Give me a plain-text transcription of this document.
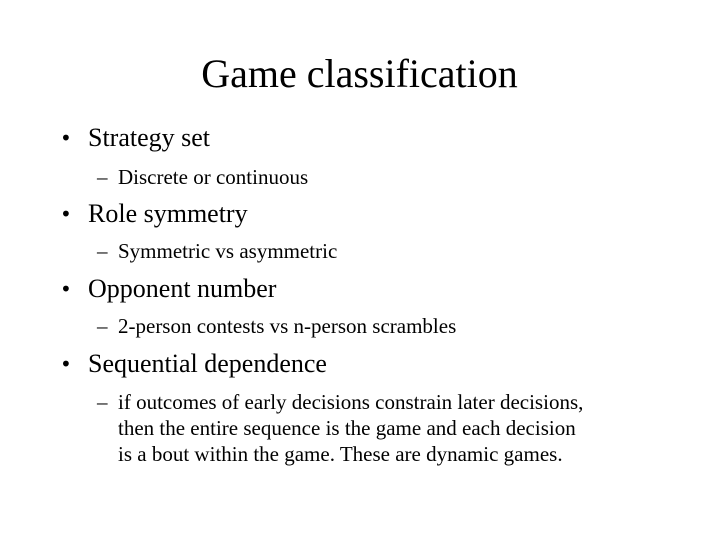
Game classification
• Strategy set
– Discrete or continuous
• Role symmetry
– Symmetric vs asymmetric
• Opponent number
– 2-person contests vs n-person scrambles
• Sequential dependence
– if outcomes of early decisions constrain later decisions,
then the entire sequence is the game and each decision
is a bout within the game. These are dynamic games.
